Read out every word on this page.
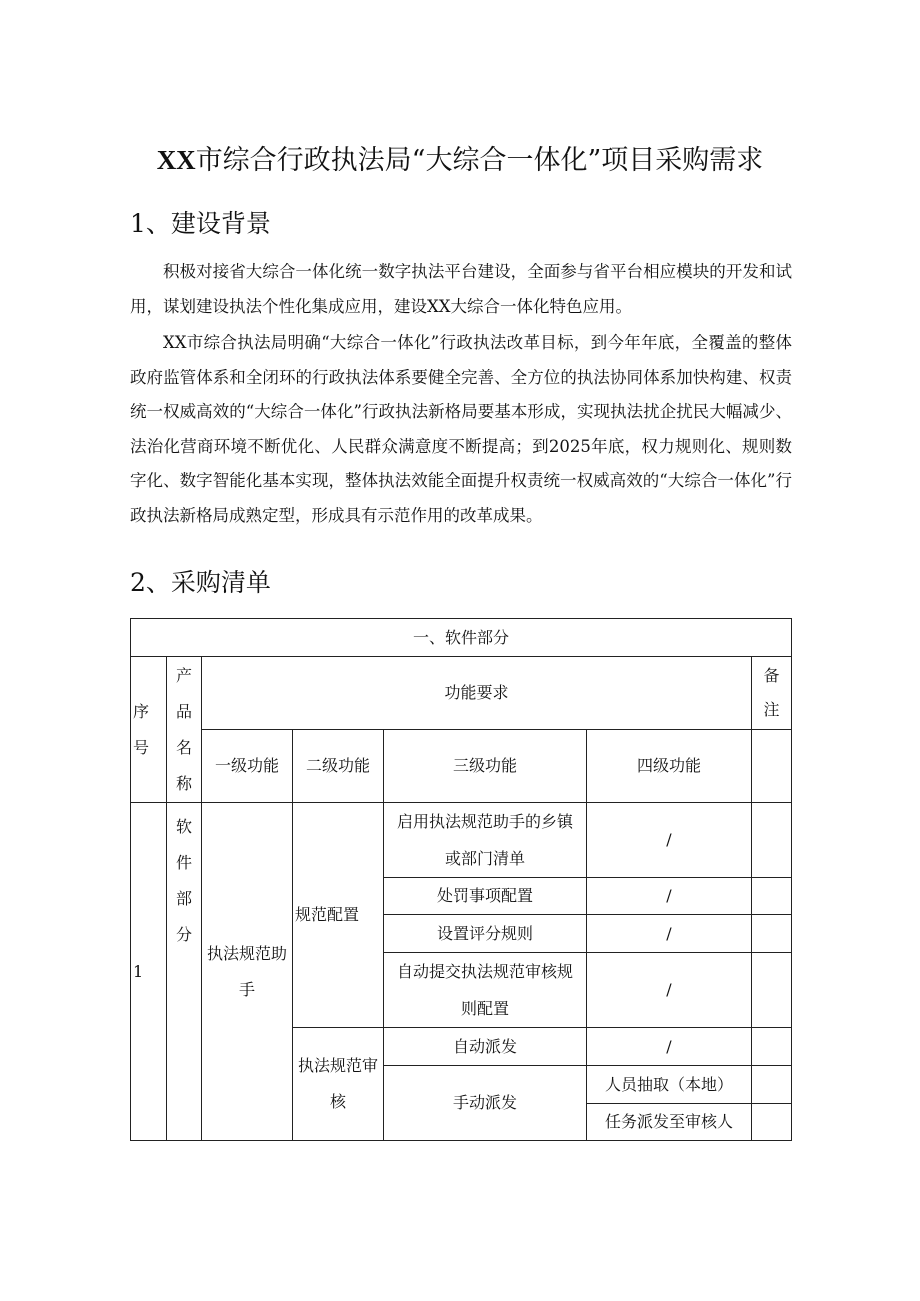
XX市综合行政执法局“大综合一体化”项目采购需求
1、建设背景

积极对接省大综合一体化统一数字执法平台建设，全面参与省平台相应模块的开发和试用，谋划建设执法个性化集成应用，建设XX大综合一体化特色应用。

XX市综合执法局明确“大综合一体化”行政执法改革目标，到今年年底，全覆盖的整体政府监管体系和全闭环的行政执法体系要健全完善、全方位的执法协同体系加快构建、权责统一权威高效的“大综合一体化”行政执法新格局要基本形成，实现执法扰企扰民大幅减少、法治化营商环境不断优化、人民群众满意度不断提高；到2025年底，权力规则化、规则数字化、数字智能化基本实现，整体执法效能全面提升权责统一权威高效的“大综合一体化”行政执法新格局成熟定型，形成具有示范作用的改革成果。

2、采购清单
一、软件部分						

序号	产品名称	功能要求				备注

		一级功能	二级功能	三级功能	四级功能	
1	软件部分	执法规范助手	规范配置	启用执法规范助手的乡镇或部门清单	/	
				处罚事项配置	/	
				设置评分规则	/	
				自动提交执法规范审核规则配置	/	

			执法规范审核	自动派发	/	
				手动派发	人员抽取（本地）	
					任务派发至审核人	
